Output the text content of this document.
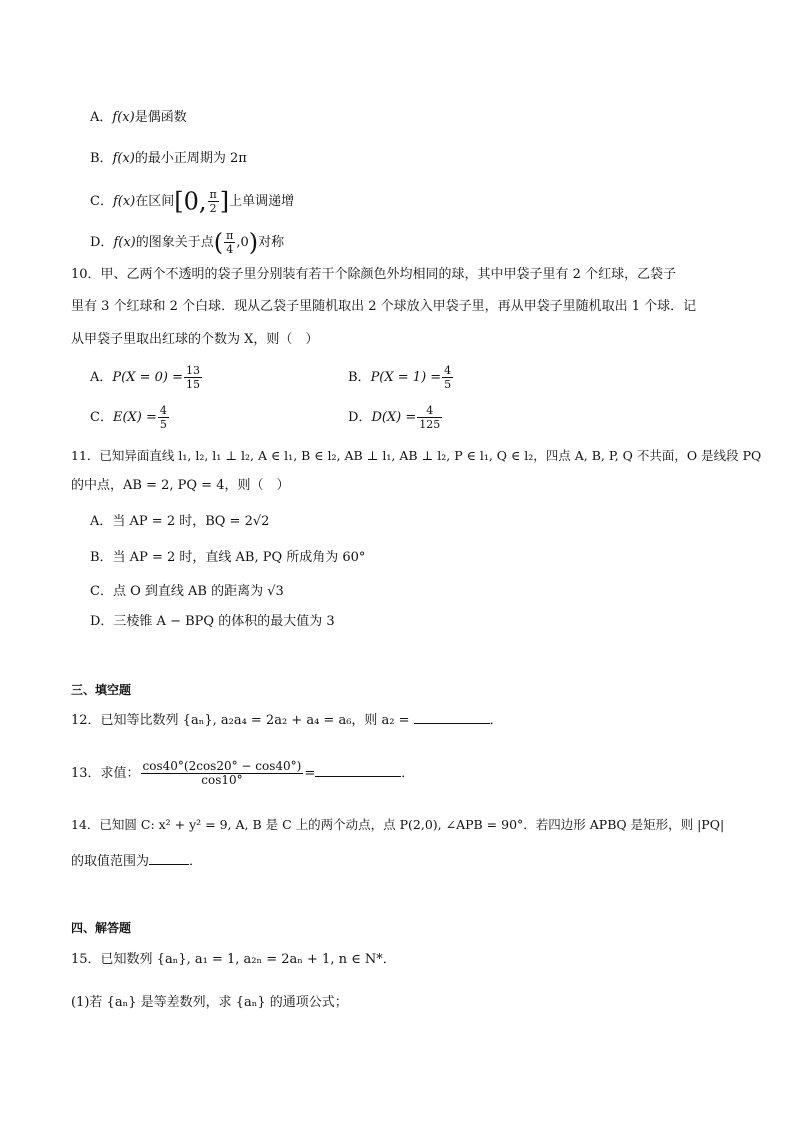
A．f(x)是偶函数
B．f(x)的最小正周期为 2π
C．f(x)在区间[0, $\frac{\pi}{2}$ ]上单调递增
D．f(x)的图象关于点( $\frac{\pi}{4} ,0$)对称
10．甲、乙两个不透明的袋子里分别装有若干个除颜色外均相同的球，其中甲袋子里有 2 个红球，乙袋子
里有 3 个红球和 2 个白球．现从乙袋子里随机取出 2 个球放入甲袋子里，再从甲袋子里随机取出 1 个球．记
从甲袋子里取出红球的个数为 X，则（　）
A．$P(X = 0) = \frac{13}{15}$	B．$P(X = 1) = \frac{4}{5}$
C．$E(X) = \frac{4}{5}$	D．$D(X) = \frac{4}{125}$
11．已知异面直线 l₁, l₂, l₁ ⊥ l₂, A ∈ l₁, B ∈ l₂, AB ⊥ l₁, AB ⊥ l₂, P ∈ l₁, Q ∈ l₂，四点 A, B, P, Q 不共面，O 是线段 PQ
的中点，AB = 2, PQ = 4，则（　）
A．当 AP = 2 时，BQ = 2√2
B．当 AP = 2 时，直线 AB, PQ 所成角为 60°
C．点 O 到直线 AB 的距离为 √3
D．三棱锥 A − BPQ 的体积的最大值为 3
三、填空题
12．已知等比数列 {aₙ}, a₂a₄ = 2a₂ + a₄ = a₆，则 a₂ =	．
13．求值： $\frac{\cos 40^\circ(2\cos 20^\circ - \cos 40^\circ)}{\cos 10^\circ}$ =	．
14．已知圆 C: x² + y² = 9, A, B 是 C 上的两个动点，点 P(2,0), ∠APB = 90°．若四边形 APBQ 是矩形，则 |PQ|
的取值范围为	．
四、解答题
15．已知数列 {aₙ}, a₁ = 1, a₂ₙ = 2aₙ + 1, n ∈ N*．
(1)若 {aₙ} 是等差数列，求 {aₙ} 的通项公式；
